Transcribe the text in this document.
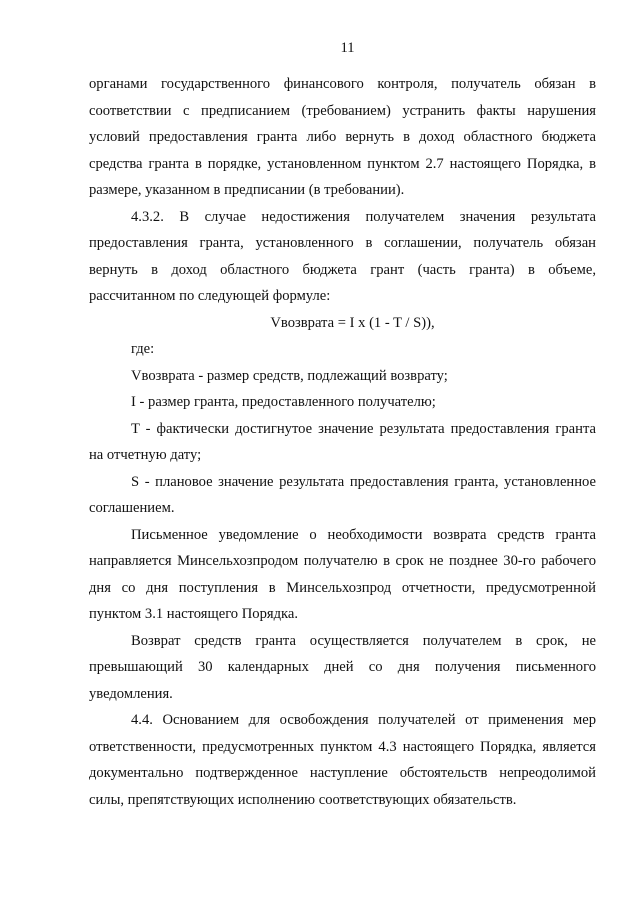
11

органами государственного финансового контроля, получатель обязан в соответствии с предписанием (требованием) устранить факты нарушения условий предоставления гранта либо вернуть в доход областного бюджета средства гранта в порядке, установленном пунктом 2.7 настоящего Порядка, в размере, указанном в предписании (в требовании).

4.3.2. В случае недостижения получателем значения результата предоставления гранта, установленного в соглашении, получатель обязан вернуть в доход областного бюджета грант (часть гранта) в объеме, рассчитанном по следующей формуле:

Vвозврата = I x (1 - T / S)),

где:

Vвозврата - размер средств, подлежащий возврату;

I - размер гранта, предоставленного получателю;

T - фактически достигнутое значение результата предоставления гранта на отчетную дату;

S - плановое значение результата предоставления гранта, установленное соглашением.

Письменное уведомление о необходимости возврата средств гранта направляется Минсельхозпродом получателю в срок не позднее 30-го рабочего дня со дня поступления в Минсельхозпрод отчетности, предусмотренной пунктом 3.1 настоящего Порядка.

Возврат средств гранта осуществляется получателем в срок, не превышающий 30 календарных дней со дня получения письменного уведомления.

4.4. Основанием для освобождения получателей от применения мер ответственности, предусмотренных пунктом 4.3 настоящего Порядка, является документально подтвержденное наступление обстоятельств непреодолимой силы, препятствующих исполнению соответствующих обязательств.
